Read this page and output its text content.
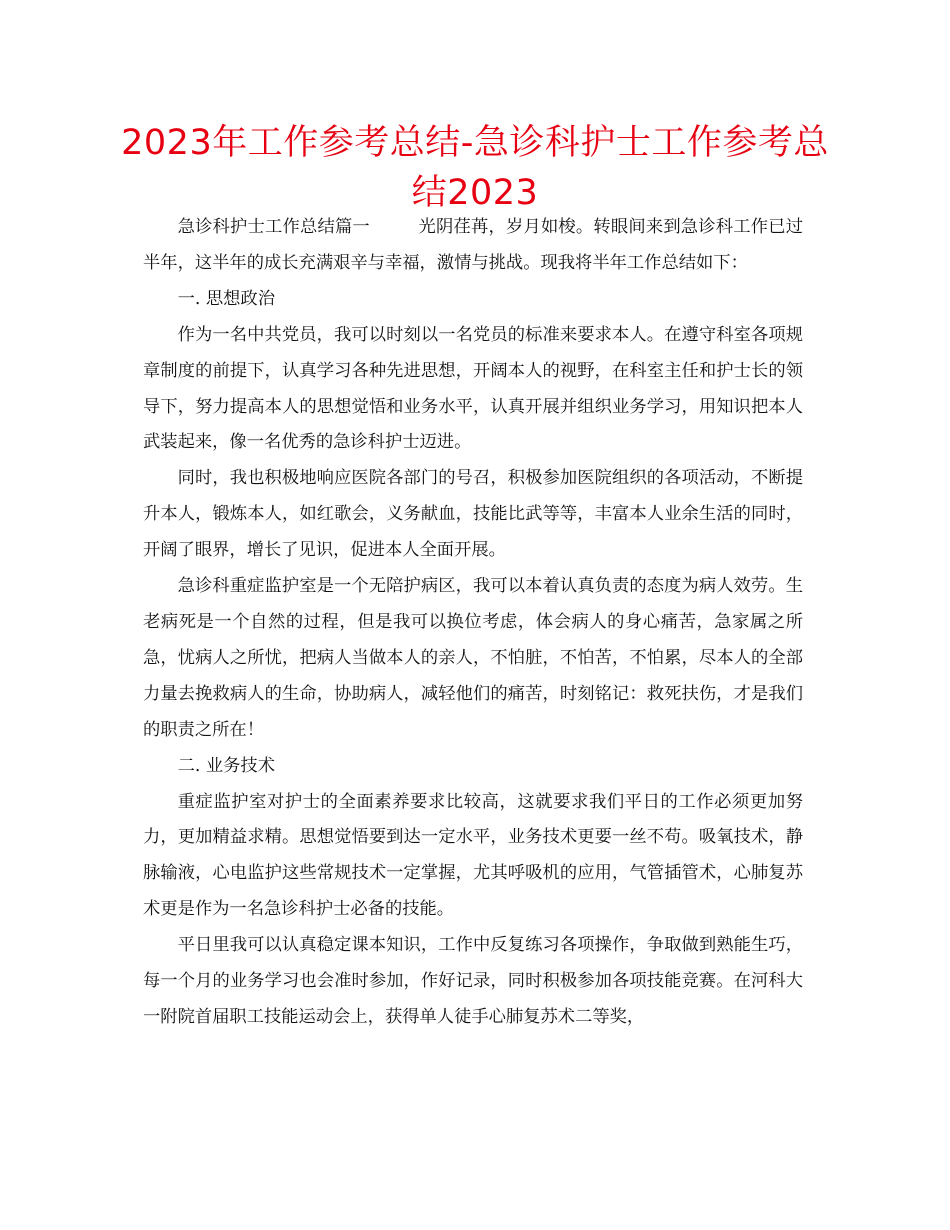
2023年工作参考总结-急诊科护士工作参考总结2023

急诊科护士工作总结篇一	光阴荏苒，岁月如梭。转眼间来到急诊科工作已过半年，这半年的成长充满艰辛与幸福，激情与挑战。现我将半年工作总结如下：

一. 思想政治

作为一名中共党员，我可以时刻以一名党员的标准来要求本人。在遵守科室各项规章制度的前提下，认真学习各种先进思想，开阔本人的视野，在科室主任和护士长的领导下，努力提高本人的思想觉悟和业务水平，认真开展并组织业务学习，用知识把本人武装起来，像一名优秀的急诊科护士迈进。

同时，我也积极地响应医院各部门的号召，积极参加医院组织的各项活动，不断提升本人，锻炼本人，如红歌会，义务献血，技能比武等等，丰富本人业余生活的同时，开阔了眼界，增长了见识，促进本人全面开展。

急诊科重症监护室是一个无陪护病区，我可以本着认真负责的态度为病人效劳。生老病死是一个自然的过程，但是我可以换位考虑，体会病人的身心痛苦，急家属之所急，忧病人之所忧，把病人当做本人的亲人，不怕脏，不怕苦，不怕累，尽本人的全部力量去挽救病人的生命，协助病人，减轻他们的痛苦，时刻铭记：救死扶伤，才是我们的职责之所在！

二. 业务技术

重症监护室对护士的全面素养要求比较高，这就要求我们平日的工作必须更加努力，更加精益求精。思想觉悟要到达一定水平，业务技术更要一丝不苟。吸氧技术，静脉输液，心电监护这些常规技术一定掌握，尤其呼吸机的应用，气管插管术，心肺复苏术更是作为一名急诊科护士必备的技能。

平日里我可以认真稳定课本知识，工作中反复练习各项操作，争取做到熟能生巧，每一个月的业务学习也会准时参加，作好记录，同时积极参加各项技能竞赛。在河科大一附院首届职工技能运动会上，获得单人徒手心肺复苏术二等奖，
